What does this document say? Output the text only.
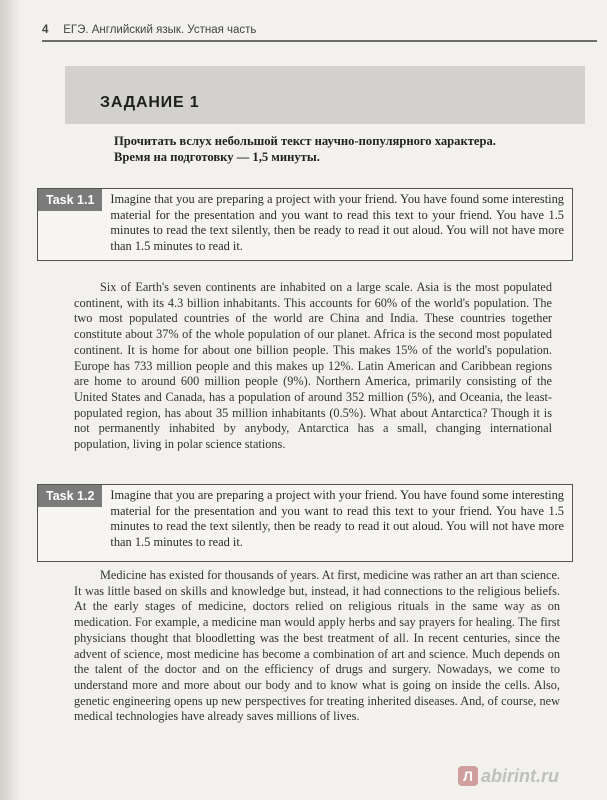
4 ЕГЭ. Английский язык. Устная часть
ЗАДАНИЕ 1
Прочитать вслух небольшой текст научно-популярного характера.
Время на подготовку — 1,5 минуты.
Task 1.1	Imagine that you are preparing a project with your friend. You have found some interesting material for the presentation and you want to read this text to your friend. You have 1.5 minutes to read the text silently, then be ready to read it out aloud. You will not have more than 1.5 minutes to read it.

Six of Earth's seven continents are inhabited on a large scale. Asia is the most populated continent, with its 4.3 billion inhabitants. This accounts for 60% of the world's population. The two most populated countries of the world are China and India. These countries together constitute about 37% of the whole population of our planet. Africa is the second most populated continent. It is home for about one billion people. This makes 15% of the world's population. Europe has 733 million people and this makes up 12%. Latin American and Caribbean regions are home to around 600 million people (9%). Northern America, primarily consisting of the United States and Canada, has a population of around 352 million (5%), and Oceania, the least-populated region, has about 35 million inhabitants (0.5%). What about Antarctica? Though it is not permanently inhabited by anybody, Antarctica has a small, changing international population, living in polar science stations.

Task 1.2	Imagine that you are preparing a project with your friend. You have found some interesting material for the presentation and you want to read this text to your friend. You have 1.5 minutes to read the text silently, then be ready to read it out aloud. You will not have more than 1.5 minutes to read it.

Medicine has existed for thousands of years. At first, medicine was rather an art than science. It was little based on skills and knowledge but, instead, it had connections to the religious beliefs. At the early stages of medicine, doctors relied on religious rituals in the same way as on medication. For example, a medicine man would apply herbs and say prayers for healing. The first physicians thought that bloodletting was the best treatment of all. In recent centuries, since the advent of science, most medicine has become a combination of art and science. Much depends on the talent of the doctor and on the efficiency of drugs and surgery. Nowadays, we come to understand more and more about our body and to know what is going on inside the cells. Also, genetic engineering opens up new perspectives for treating inherited diseases. And, of course, new medical technologies have already saves millions of lives.

Л abirint.ru
